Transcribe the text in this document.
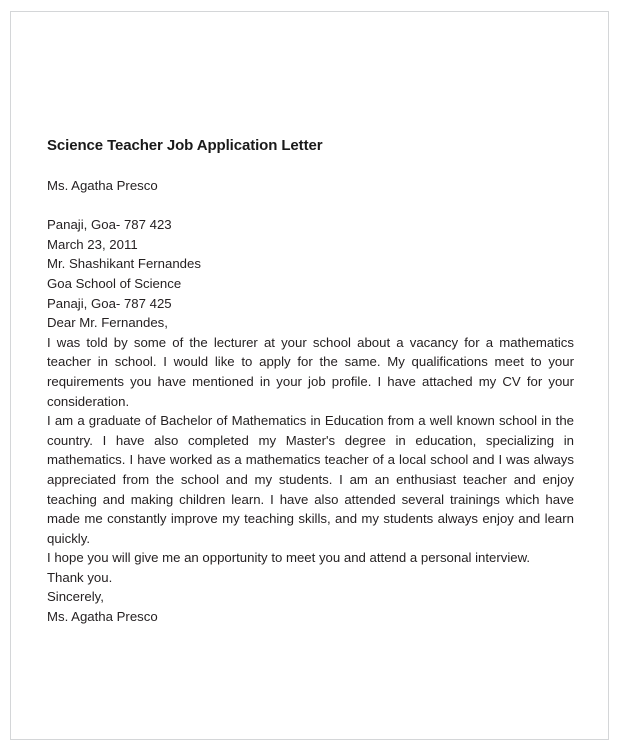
Science Teacher Job Application Letter
Ms. Agatha Presco
Panaji, Goa- 787 423
March 23, 2011
Mr. Shashikant Fernandes
Goa School of Science
Panaji, Goa- 787 425
Dear Mr. Fernandes,

I was told by some of the lecturer at your school about a vacancy for a mathematics teacher in school. I would like to apply for the same. My qualifications meet to your requirements you have mentioned in your job profile. I have attached my CV for your consideration.

I am a graduate of Bachelor of Mathematics in Education from a well known school in the country. I have also completed my Master's degree in education, specializing in mathematics. I have worked as a mathematics teacher of a local school and I was always appreciated from the school and my students. I am an enthusiast teacher and enjoy teaching and making children learn. I have also attended several trainings which have made me constantly improve my teaching skills, and my students always enjoy and learn quickly.

I hope you will give me an opportunity to meet you and attend a personal interview.

Thank you.
Sincerely,
Ms. Agatha Presco
